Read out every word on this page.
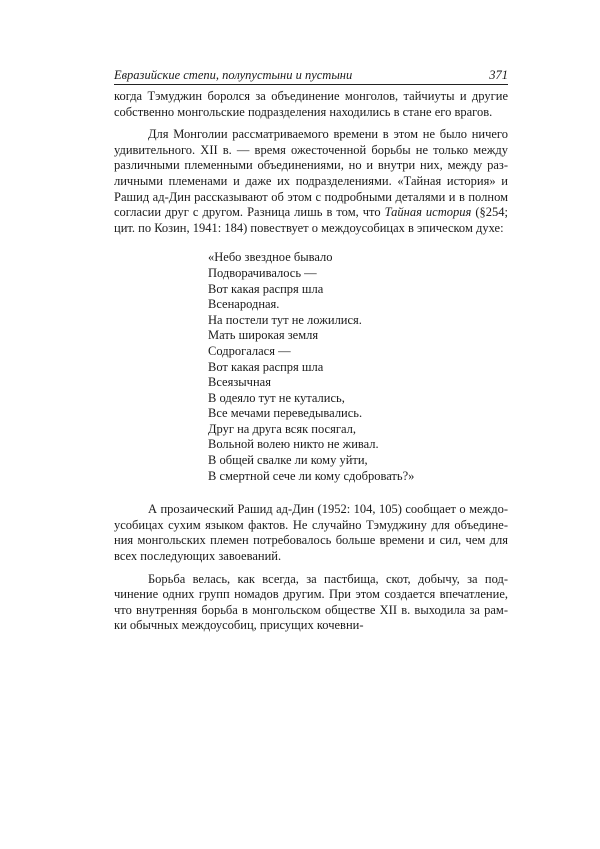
Евразийские степи, полупустыни и пустыни	371
когда Тэмуджин боролся за объединение монголов, тайчиуты и другие
собственно монгольские подразделения находились в стане его врагов.
Для Монголии рассматриваемого времени в этом не было ничего
удивительного. XII в. — время ожесточенной борьбы не только между
различными племенными объединениями, но и внутри них, между раз-
личными племенами и даже их подразделениями. «Тайная история» и
Рашид ад-Дин рассказывают об этом с подробными деталями и в полном
согласии друг с другом. Разница лишь в том, что Тайная история (§254;
цит. по Козин, 1941: 184) повествует о междоусобицах в эпическом духе:
«Небо звездное бывало
Подворачивалось —
Вот какая распря шла
Всенародная.
На постели тут не ложилися.
Мать широкая земля
Содрогалася —
Вот какая распря шла
Всеязычная
В одеяло тут не кутались,
Все мечами переведывались.
Друг на друга всяк посягал,
Вольной волею никто не живал.
В общей свалке ли кому уйти,
В смертной сече ли кому сдобровать?»
А прозаический Рашид ад-Дин (1952: 104, 105) сообщает о междо-
усобицах сухим языком фактов. Не случайно Тэмуджину для объедине-
ния монгольских племен потребовалось больше времени и сил, чем для
всех последующих завоеваний.
Борьба велась, как всегда, за пастбища, скот, добычу, за под-
чинение одних групп номадов другим. При этом создается впечатление,
что внутренняя борьба в монгольском обществе XII в. выходила за рам-
ки обычных междоусобиц, присущих кочевни-
